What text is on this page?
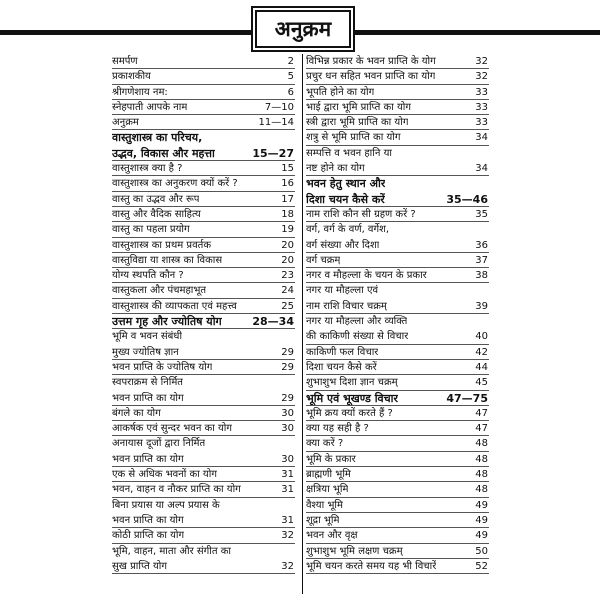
अनुक्रम
समर्पण	2
प्रकाशकीय	5
श्रीगणेशाय नम:	6
स्नेहपाती आपके नाम	7—10
अनुक्रम	11—14
वास्तुशास्त्र का परिचय,
उद्भव, विकास और महत्ता	15—27
वास्तुशास्त्र क्या है ?	15
वास्तुशास्त्र का अनुकरण क्यों करें ?	16
वास्तु का उद्भव और रूप	17
वास्तु और वैदिक साहित्य	18
वास्तु का पहला प्रयोग	19
वास्तुशास्त्र का प्रथम प्रवर्तक	20
वास्तुविद्या या शास्त्र का विकास	20
योग्य स्थपति कौन ?	23
वास्तुकला और पंचमहाभूत	24
वास्तुशास्त्र की व्यापकता एवं महत्त्व	25
उत्तम गृह और ज्योतिष योग	28—34
भूमि व भवन संबंधी
मुख्य ज्योतिष ज्ञान	29
भवन प्राप्ति के ज्योतिष योग	29
स्वपराक्रम से निर्मित
भवन प्राप्ति का योग	29
बंगले का योग	30
आकर्षक एवं सुन्दर भवन का योग	30
अनायास दूजों द्वारा निर्मित
भवन प्राप्ति का योग	30
एक से अधिक भवनों का योग	31
भवन, वाहन व नौकर प्राप्ति का योग	31
बिना प्रयास या अल्प प्रयास के
भवन प्राप्ति का योग	31
कोठी प्राप्ति का योग	32
भूमि, वाहन, माता और संगीत का
सुख प्राप्ति योग	32
विभिन्न प्रकार के भवन प्राप्ति के योग	32
प्रचुर धन सहित भवन प्राप्ति का योग	32
भूपति होने का योग	33
भाई द्वारा भूमि प्राप्ति का योग	33
स्त्री द्वारा भूमि प्राप्ति का योग	33
शत्रु से भूमि प्राप्ति का योग	34
सम्पत्ति व भवन हानि या
नष्ट होने का योग	34
भवन हेतु स्थान और
दिशा चयन कैसे करें	35—46
नाम राशि कौन सी ग्रहण करें ?	35
वर्ग, वर्ग के वर्ण, वर्गेश,
वर्ग संख्या और दिशा	36
वर्ग चक्रम्	37
नगर व मौहल्ला के चयन के प्रकार	38
नगर या मौहल्ला एवं
नाम राशि विचार चक्रम्	39
नगर या मौहल्ला और व्यक्ति
की काकिणी संख्या से विचार	40
काकिणी फल विचार	42
दिशा चयन कैसे करें	44
शुभाशुभ दिशा ज्ञान चक्रम्	45
भूमि एवं भूखण्ड विचार	47—75
भूमि क्रय क्यों करते हैं ?	47
क्या यह सही है ?	47
क्या करें ?	48
भूमि के प्रकार	48
ब्राह्मणी भूमि	48
क्षत्रिया भूमि	48
वैश्या भूमि	49
शूद्रा भूमि	49
भवन और वृक्ष	49
शुभाशुभ भूमि लक्षण चक्रम्	50
भूमि चयन करते समय यह भी विचारें	52
